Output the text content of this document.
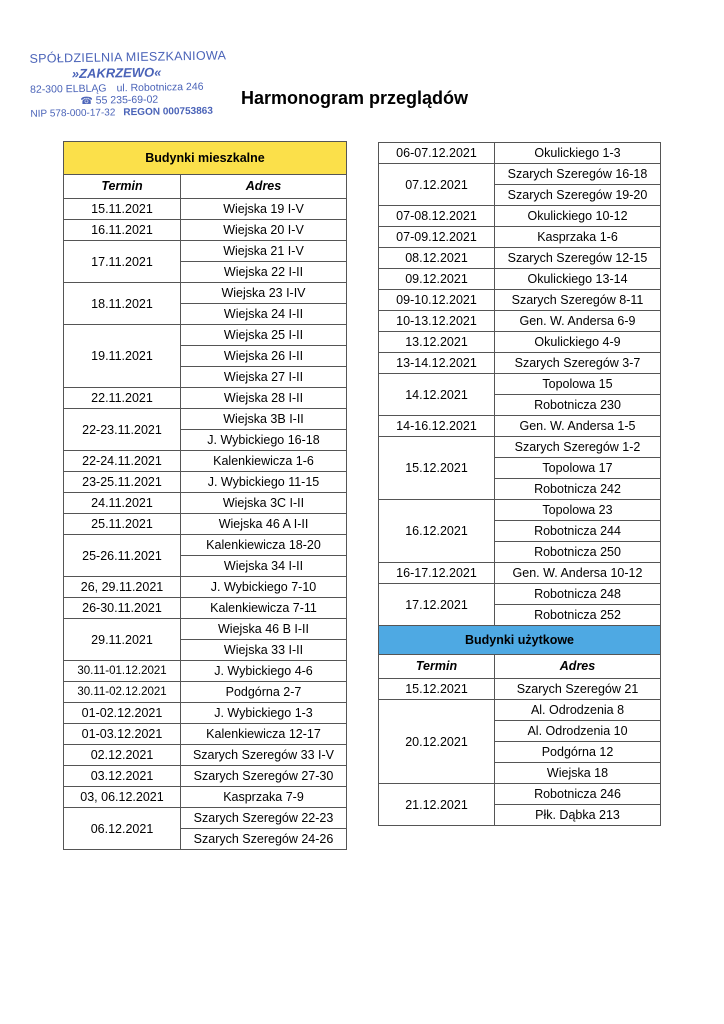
SPÓŁDZIELNIA MIESZKANIOWA
»ZAKRZEWO«
82-300 ELBLĄG ul. Robotnicza 246
☎ 55 235-69-02
NIP 578-000-17-32 REGON 000753863
Harmonogram przeglądów
Budynki mieszkalne	
Termin	Adres
15.11.2021	Wiejska 19 I-V
16.11.2021	Wiejska 20 I-V
17.11.2021	Wiejska 21 I-V
	Wiejska 22 I-II
18.11.2021	Wiejska 23 I-IV
	Wiejska 24 I-II
19.11.2021	Wiejska 25 I-II
	Wiejska 26 I-II
	Wiejska 27 I-II
22.11.2021	Wiejska 28 I-II
22-23.11.2021	Wiejska 3B I-II
	J. Wybickiego 16-18
22-24.11.2021	Kalenkiewicza 1-6
23-25.11.2021	J. Wybickiego 11-15
24.11.2021	Wiejska 3C I-II
25.11.2021	Wiejska 46 A I-II
25-26.11.2021	Kalenkiewicza 18-20
	Wiejska 34 I-II
26, 29.11.2021	J. Wybickiego 7-10
26-30.11.2021	Kalenkiewicza 7-11
29.11.2021	Wiejska 46 B I-II
	Wiejska 33 I-II
30.11-01.12.2021	J. Wybickiego 4-6
30.11-02.12.2021	Podgórna 2-7
01-02.12.2021	J. Wybickiego 1-3
01-03.12.2021	Kalenkiewicza 12-17
02.12.2021	Szarych Szeregów 33 I-V
03.12.2021	Szarych Szeregów 27-30
03, 06.12.2021	Kasprzaka 7-9
06.12.2021	Szarych Szeregów 22-23
	Szarych Szeregów 24-26
06-07.12.2021	Okulickiego 1-3
07.12.2021	Szarych Szeregów 16-18
	Szarych Szeregów 19-20
07-08.12.2021	Okulickiego 10-12
07-09.12.2021	Kasprzaka 1-6
08.12.2021	Szarych Szeregów 12-15
09.12.2021	Okulickiego 13-14
09-10.12.2021	Szarych Szeregów 8-11
10-13.12.2021	Gen. W. Andersa 6-9
13.12.2021	Okulickiego 4-9
13-14.12.2021	Szarych Szeregów 3-7
14.12.2021	Topolowa 15
	Robotnicza 230
14-16.12.2021	Gen. W. Andersa 1-5
15.12.2021	Szarych Szeregów 1-2
	Topolowa 17
	Robotnicza 242
16.12.2021	Topolowa 23
	Robotnicza 244
	Robotnicza 250
16-17.12.2021	Gen. W. Andersa 10-12
17.12.2021	Robotnicza 248
	Robotnicza 252
Budynki użytkowe	
Termin	Adres
15.12.2021	Szarych Szeregów 21
20.12.2021	Al. Odrodzenia 8
	Al. Odrodzenia 10
	Podgórna 12
	Wiejska 18
21.12.2021	Robotnicza 246
	Płk. Dąbka 213
